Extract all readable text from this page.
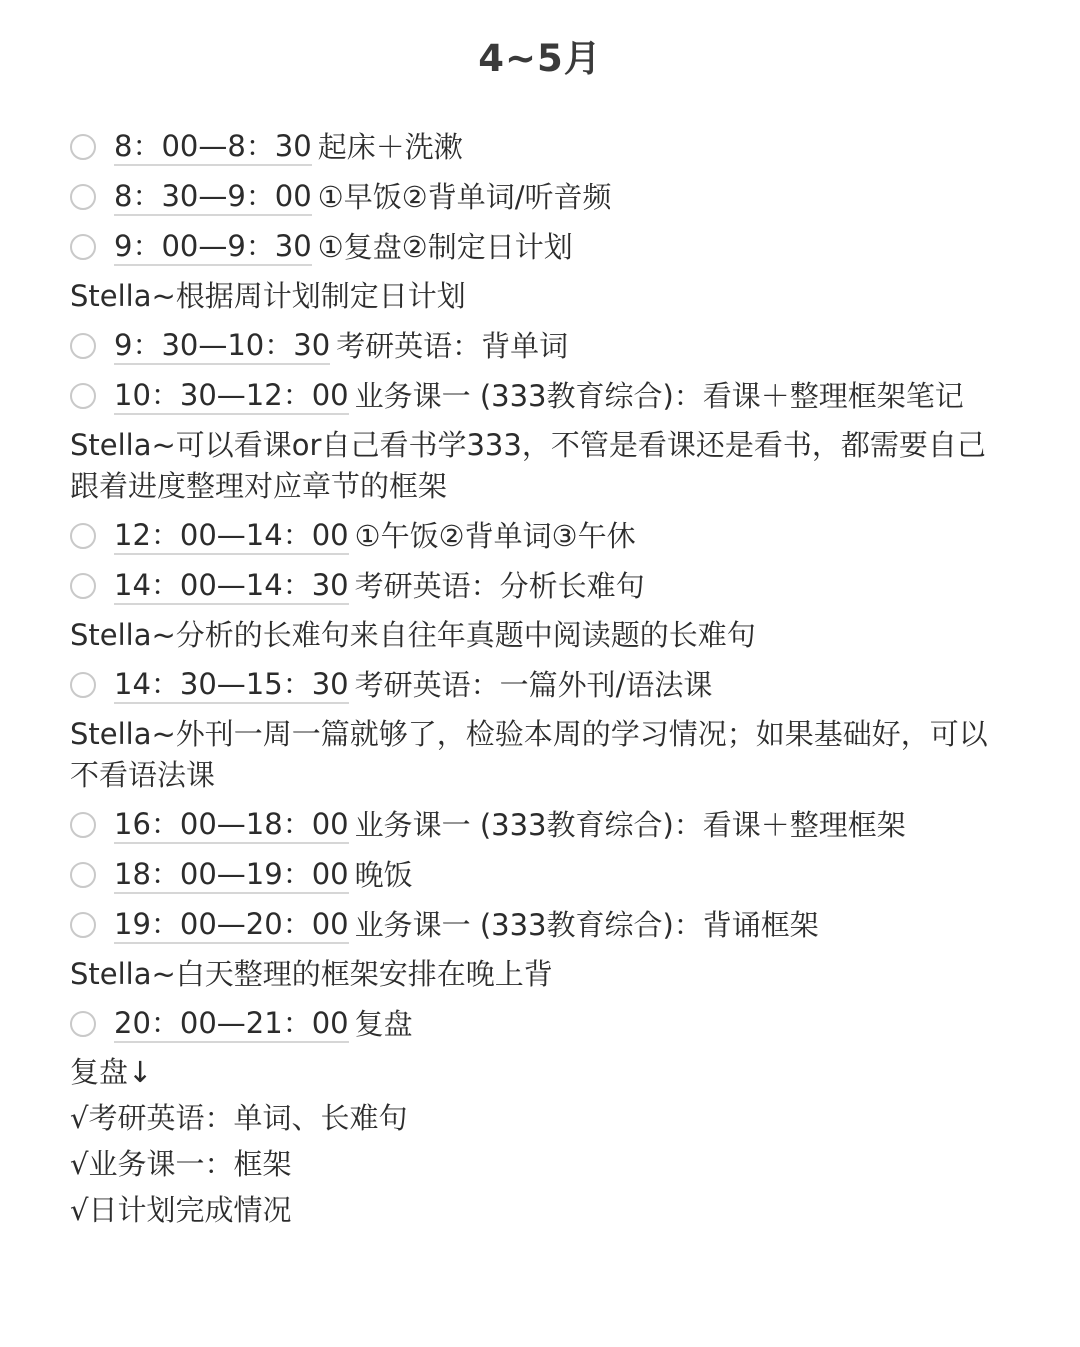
4~5月
8：00—8：30 起床＋洗漱
8：30—9：00 ①早饭②背单词/听音频
9：00—9：30 ①复盘②制定日计划
Stella~根据周计划制定日计划
9：30—10：30 考研英语：背单词
10：30—12：00 业务课一 (333教育综合)：看课＋整理框架笔记
Stella~可以看课or自己看书学333，不管是看课还是看书，都需要自己跟着进度整理对应章节的框架
12：00—14：00 ①午饭②背单词③午休
14：00—14：30 考研英语：分析长难句
Stella~分析的长难句来自往年真题中阅读题的长难句
14：30—15：30 考研英语：一篇外刊/语法课
Stella~外刊一周一篇就够了，检验本周的学习情况；如果基础好，可以不看语法课
16：00—18：00 业务课一 (333教育综合)：看课＋整理框架
18：00—19：00 晚饭
19：00—20：00 业务课一 (333教育综合)：背诵框架
Stella~白天整理的框架安排在晚上背
20：00—21：00 复盘
复盘↓
√考研英语：单词、长难句
√业务课一：框架
√日计划完成情况
